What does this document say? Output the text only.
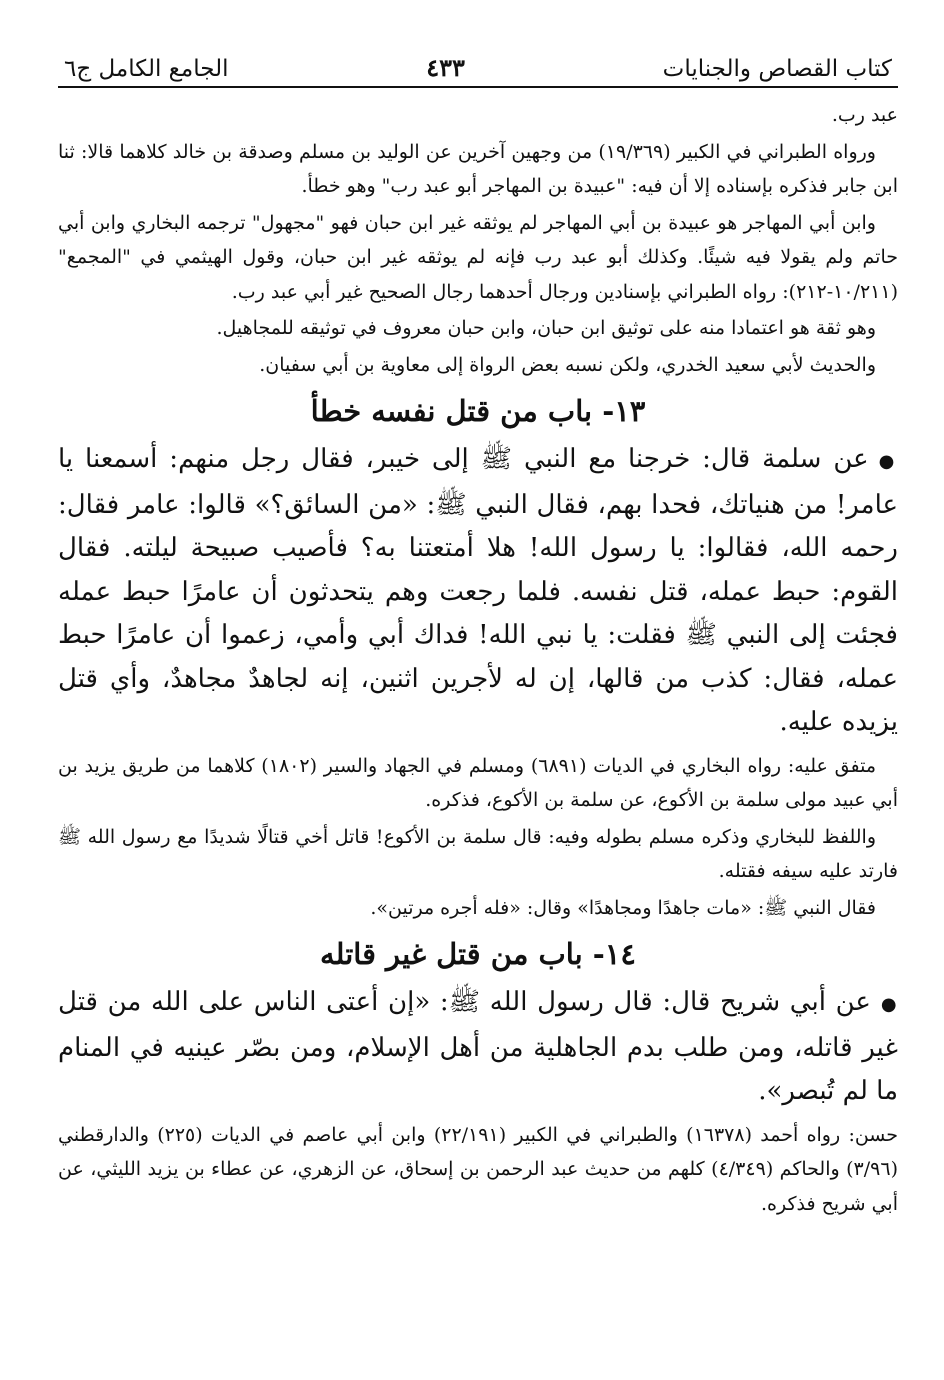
كتاب القصاص والجنايات
٤٣٣
الجامع الكامل ج٦

عبد رب.

ورواه الطبراني في الكبير (١٩/٣٦٩) من وجهين آخرين عن الوليد بن مسلم وصدقة بن خالد كلاهما قالا: ثنا ابن جابر فذكره بإسناده إلا أن فيه: "عبيدة بن المهاجر أبو عبد رب" وهو خطأ.

وابن أبي المهاجر هو عبيدة بن أبي المهاجر لم يوثقه غير ابن حبان فهو "مجهول" ترجمه البخاري وابن أبي حاتم ولم يقولا فيه شيئًا. وكذلك أبو عبد رب فإنه لم يوثقه غير ابن حبان، وقول الهيثمي في "المجمع" (١٠/٢١١-٢١٢): رواه الطبراني بإسنادين ورجال أحدهما رجال الصحيح غير أبي عبد رب.

وهو ثقة هو اعتمادا منه على توثيق ابن حبان، وابن حبان معروف في توثيقه للمجاهيل.

والحديث لأبي سعيد الخدري، ولكن نسبه بعض الرواة إلى معاوية بن أبي سفيان.

١٣- باب من قتل نفسه خطأ

●عن سلمة قال: خرجنا مع النبي ﷺ إلى خيبر، فقال رجل منهم: أسمعنا يا عامر! من هنياتك، فحدا بهم، فقال النبي ﷺ: «من السائق؟» قالوا: عامر فقال: رحمه الله، فقالوا: يا رسول الله! هلا أمتعتنا به؟ فأصيب صبيحة ليلته. فقال القوم: حبط عمله، قتل نفسه. فلما رجعت وهم يتحدثون أن عامرًا حبط عمله فجئت إلى النبي ﷺ فقلت: يا نبي الله! فداك أبي وأمي، زعموا أن عامرًا حبط عمله، فقال: كذب من قالها، إن له لأجرين اثنين، إنه لجاهدٌ مجاهدٌ، وأي قتل يزيده عليه.

متفق عليه: رواه البخاري في الديات (٦٨٩١) ومسلم في الجهاد والسير (١٨٠٢) كلاهما من طريق يزيد بن أبي عبيد مولى سلمة بن الأكوع، عن سلمة بن الأكوع، فذكره.

واللفظ للبخاري وذكره مسلم بطوله وفيه: قال سلمة بن الأكوع! قاتل أخي قتالًا شديدًا مع رسول الله ﷺ فارتد عليه سيفه فقتله.

فقال النبي ﷺ: «مات جاهدًا ومجاهدًا» وقال: «فله أجره مرتين».

١٤- باب من قتل غير قاتله

●عن أبي شريح قال: قال رسول الله ﷺ: «إن أعتى الناس على الله من قتل غير قاتله، ومن طلب بدم الجاهلية من أهل الإسلام، ومن بصّر عينيه في المنام ما لم تُبصر».

حسن: رواه أحمد (١٦٣٧٨) والطبراني في الكبير (٢٢/١٩١) وابن أبي عاصم في الديات (٢٢٥) والدارقطني (٣/٩٦) والحاكم (٤/٣٤٩) كلهم من حديث عبد الرحمن بن إسحاق، عن الزهري، عن عطاء بن يزيد الليثي، عن أبي شريح فذكره.
